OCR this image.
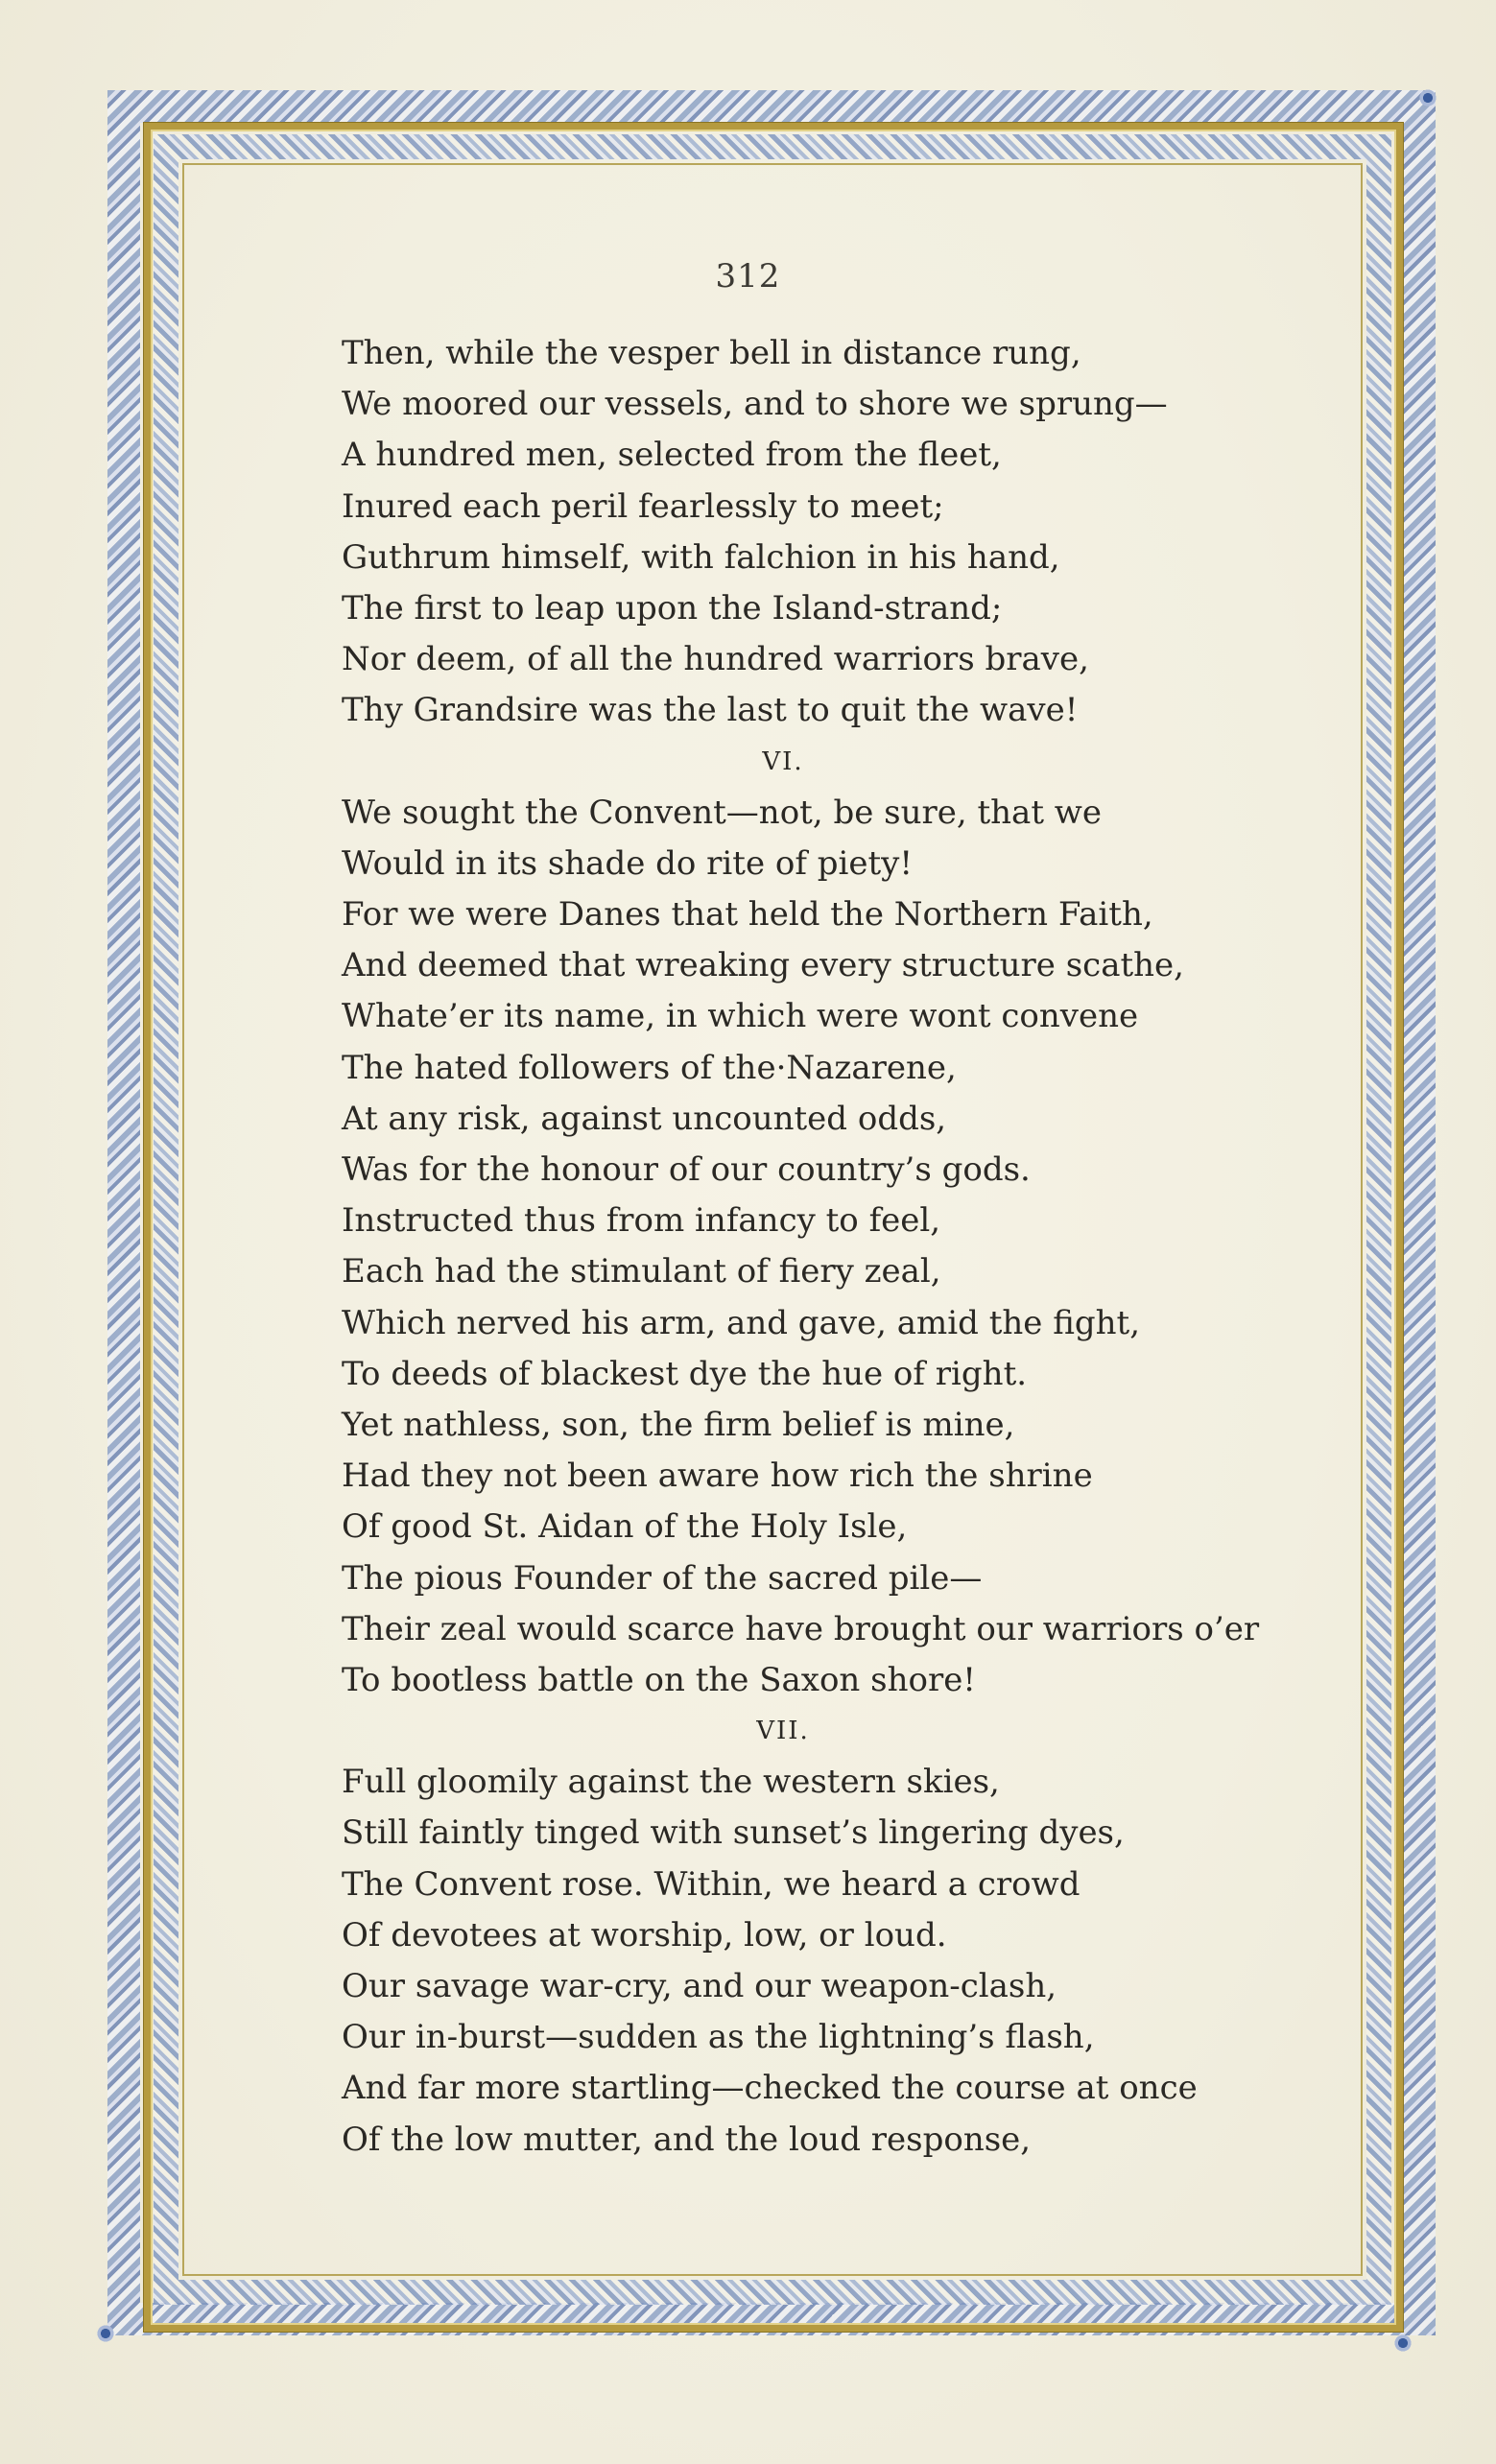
312
Then, while the vesper bell in distance rung,
We moored our vessels, and to shore we sprung—
A hundred men, selected from the fleet,
Inured each peril fearlessly to meet;
Guthrum himself, with falchion in his hand,
The first to leap upon the Island-strand;
Nor deem, of all the hundred warriors brave,
Thy Grandsire was the last to quit the wave!
VI.
We sought the Convent—not, be sure, that we
Would in its shade do rite of piety!
For we were Danes that held the Northern Faith,
And deemed that wreaking every structure scathe,
Whate’er its name, in which were wont convene
The hated followers of the·Nazarene,
At any risk, against uncounted odds,
Was for the honour of our country’s gods.
Instructed thus from infancy to feel,
Each had the stimulant of fiery zeal,
Which nerved his arm, and gave, amid the fight,
To deeds of blackest dye the hue of right.
Yet nathless, son, the firm belief is mine,
Had they not been aware how rich the shrine
Of good St. Aidan of the Holy Isle,
The pious Founder of the sacred pile—
Their zeal would scarce have brought our warriors o’er
To bootless battle on the Saxon shore!
VII.
Full gloomily against the western skies,
Still faintly tinged with sunset’s lingering dyes,
The Convent rose. Within, we heard a crowd
Of devotees at worship, low, or loud.
Our savage war-cry, and our weapon-clash,
Our in-burst—sudden as the lightning’s flash,
And far more startling—checked the course at once
Of the low mutter, and the loud response,
